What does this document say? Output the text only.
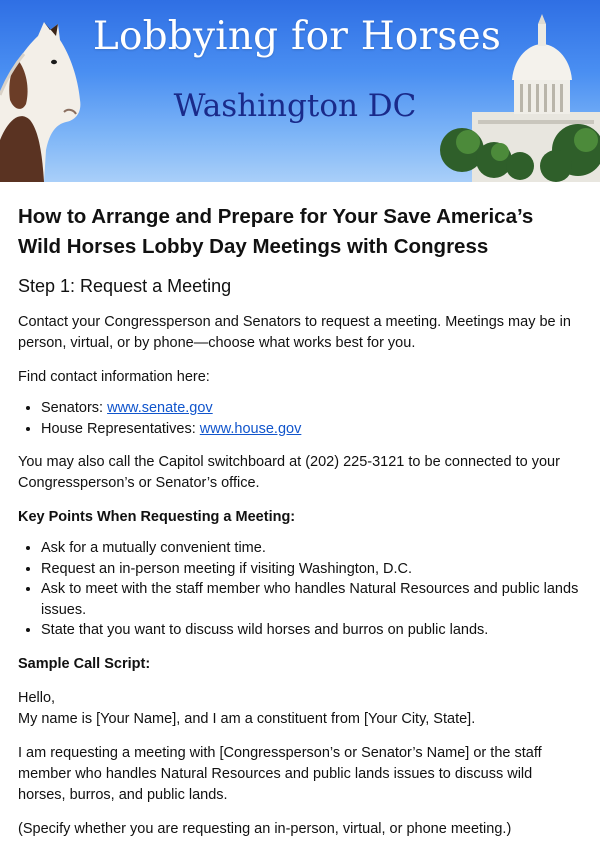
Lobbying for Horses
Washington DC
How to Arrange and Prepare for Your Save America’s
Wild Horses Lobby Day Meetings with Congress
Step 1: Request a Meeting

Contact your Congressperson and Senators to request a meeting. Meetings may be in person, virtual, or by phone—choose what works best for you.

Find contact information here:

• Senators: www.senate.gov
• House Representatives: www.house.gov

You may also call the Capitol switchboard at (202) 225-3121 to be connected to your Congressperson’s or Senator’s office.

Key Points When Requesting a Meeting:

• Ask for a mutually convenient time.
• Request an in-person meeting if visiting Washington, D.C.
• Ask to meet with the staff member who handles Natural Resources and public lands issues.
• State that you want to discuss wild horses and burros on public lands.

Sample Call Script:

Hello,

My name is [Your Name], and I am a constituent from [Your City, State].

I am requesting a meeting with [Congressperson’s or Senator’s Name] or the staff member who handles Natural Resources and public lands issues to discuss wild horses, burros, and public lands.

(Specify whether you are requesting an in-person, virtual, or phone meeting.)
